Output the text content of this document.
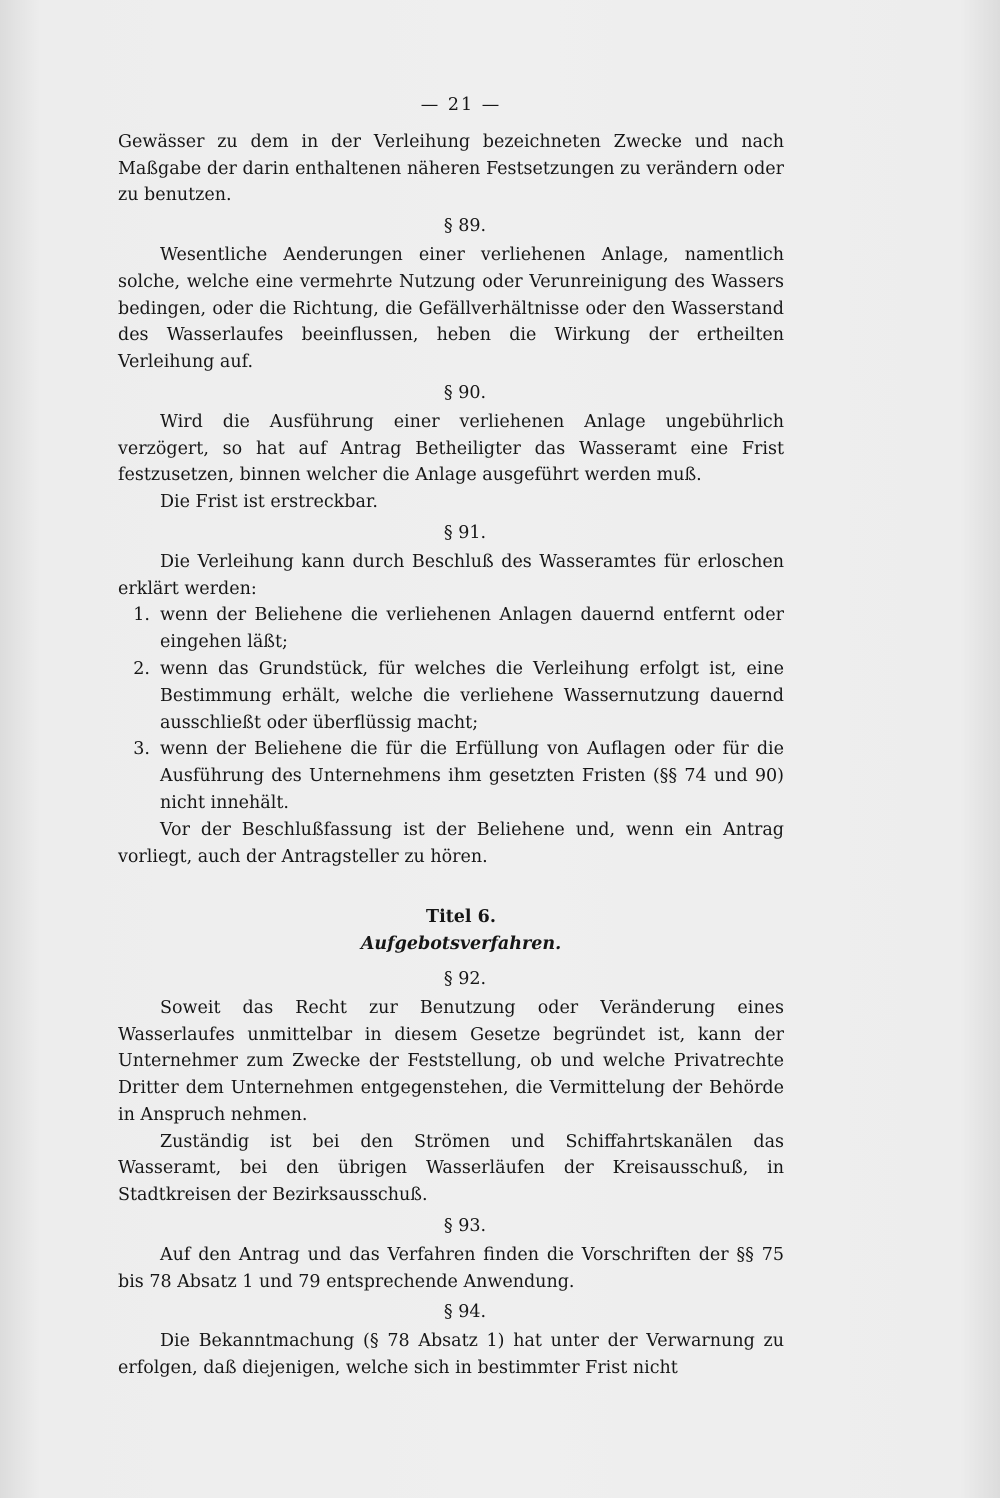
— 21 —
Gewässer zu dem in der Verleihung bezeichneten Zwecke und nach Maßgabe der darin enthaltenen näheren Festsetzungen zu verändern oder zu benutzen.
§ 89.
Wesentliche Aenderungen einer verliehenen Anlage, namentlich solche, welche eine vermehrte Nutzung oder Verunreinigung des Wassers bedingen, oder die Richtung, die Gefällverhältnisse oder den Wasserstand des Wasserlaufes beeinflussen, heben die Wirkung der ertheilten Verleihung auf.
§ 90.
Wird die Ausführung einer verliehenen Anlage ungebührlich verzögert, so hat auf Antrag Betheiligter das Wasseramt eine Frist festzusetzen, binnen welcher die Anlage ausgeführt werden muß.
Die Frist ist erstreckbar.
§ 91.
Die Verleihung kann durch Beschluß des Wasseramtes für erloschen erklärt werden:
1. wenn der Beliehene die verliehenen Anlagen dauernd entfernt oder eingehen läßt;
2. wenn das Grundstück, für welches die Verleihung erfolgt ist, eine Bestimmung erhält, welche die verliehene Wassernutzung dauernd ausschließt oder überflüssig macht;
3. wenn der Beliehene die für die Erfüllung von Auflagen oder für die Ausführung des Unternehmens ihm gesetzten Fristen (§§ 74 und 90) nicht innehält.
Vor der Beschlußfassung ist der Beliehene und, wenn ein Antrag vorliegt, auch der Antragsteller zu hören.
Titel 6.
Aufgebotsverfahren.
§ 92.
Soweit das Recht zur Benutzung oder Veränderung eines Wasserlaufes unmittelbar in diesem Gesetze begründet ist, kann der Unternehmer zum Zwecke der Feststellung, ob und welche Privatrechte Dritter dem Unternehmen entgegenstehen, die Vermittelung der Behörde in Anspruch nehmen.
Zuständig ist bei den Strömen und Schiffahrtskanälen das Wasseramt, bei den übrigen Wasserläufen der Kreisausschuß, in Stadtkreisen der Bezirksausschuß.
§ 93.
Auf den Antrag und das Verfahren finden die Vorschriften der §§ 75 bis 78 Absatz 1 und 79 entsprechende Anwendung.
§ 94.
Die Bekanntmachung (§ 78 Absatz 1) hat unter der Verwarnung zu erfolgen, daß diejenigen, welche sich in bestimmter Frist nicht
